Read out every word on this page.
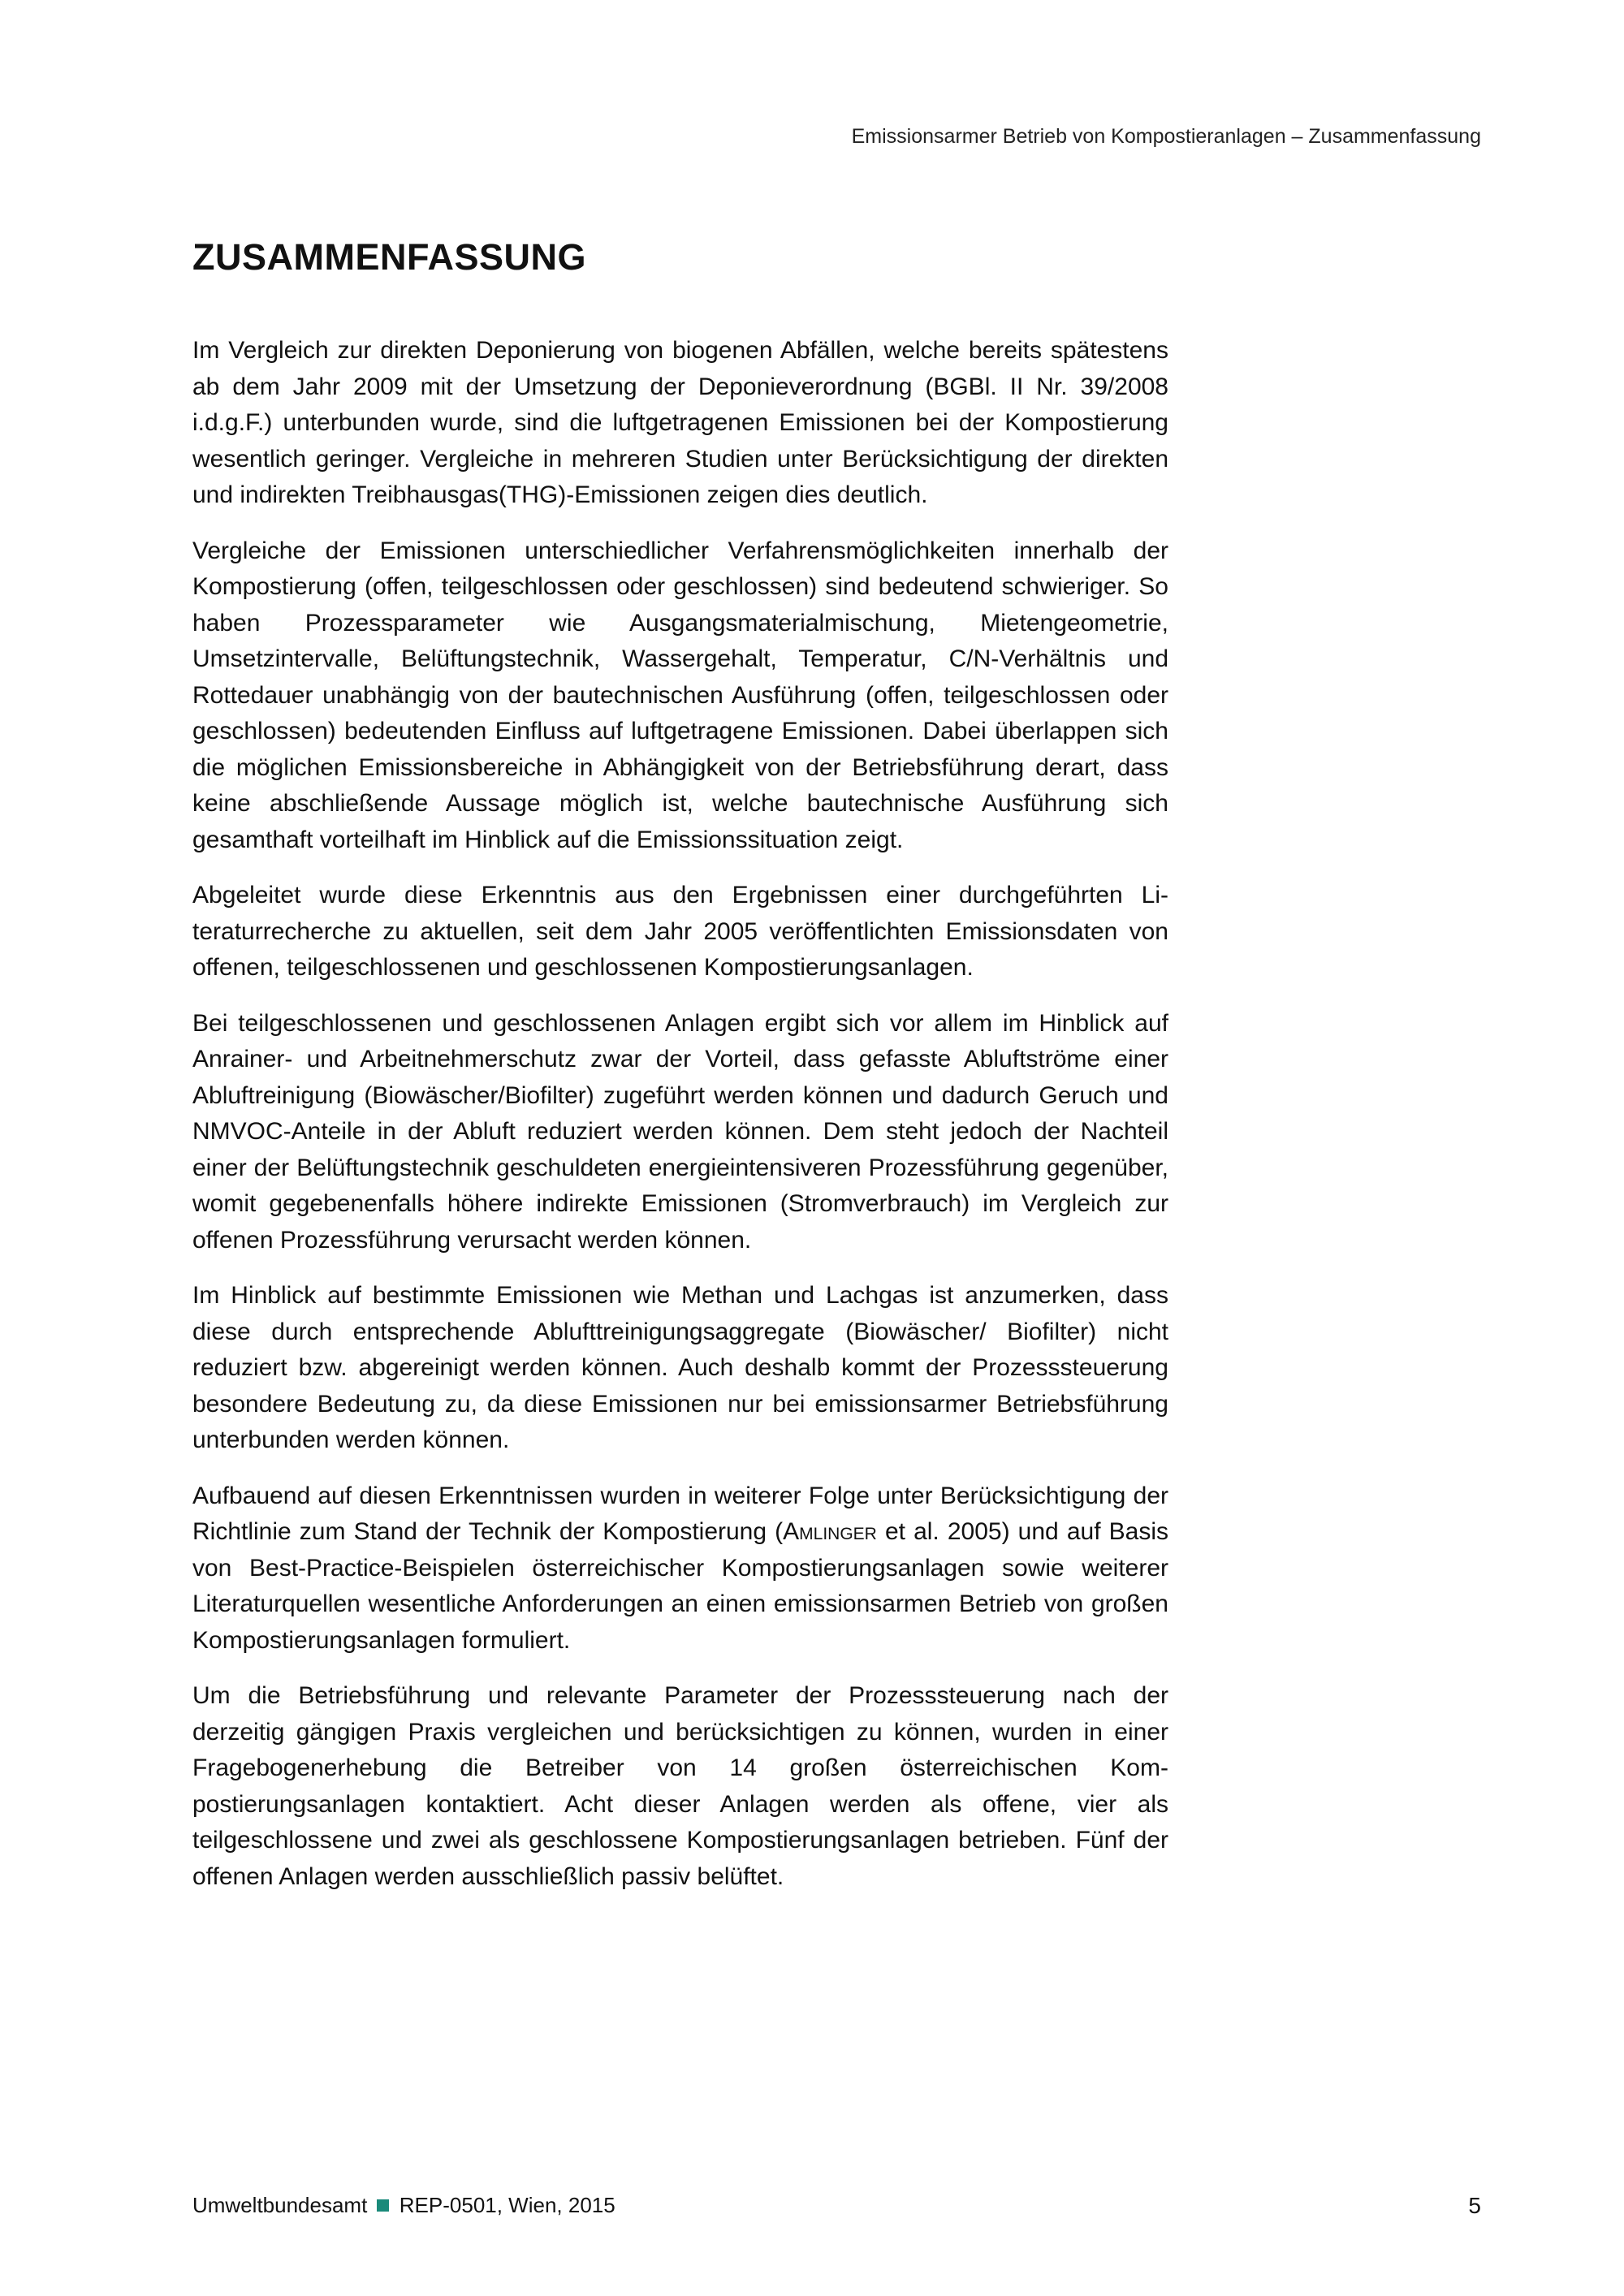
Emissionsarmer Betrieb von Kompostieranlagen – Zusammenfassung
ZUSAMMENFASSUNG

Im Vergleich zur direkten Deponierung von biogenen Abfällen, welche bereits spätestens ab dem Jahr 2009 mit der Umsetzung der Deponieverordnung (BGBl. II Nr. 39/2008 i.d.g.F.) unterbunden wurde, sind die luftgetragenen Emissionen bei der Kompostierung wesentlich geringer. Vergleiche in mehreren Studien unter Berücksichtigung der direkten und indirekten Treibhausgas(THG)-Emissionen zeigen dies deutlich.

Vergleiche der Emissionen unterschiedlicher Verfahrensmöglichkeiten innerhalb der Kompostierung (offen, teilgeschlossen oder geschlossen) sind bedeutend schwieriger. So haben Prozessparameter wie Ausgangsmaterialmischung, Mietengeometrie, Umsetzintervalle, Belüftungstechnik, Wassergehalt, Temperatur, C/N-Verhältnis und Rottedauer unabhängig von der bautechnischen Ausführung (offen, teilgeschlossen oder geschlossen) bedeutenden Einfluss auf luftgetragene Emissionen. Dabei überlappen sich die möglichen Emissionsbereiche in Abhängigkeit von der Betriebsführung derart, dass keine abschließende Aussage möglich ist, welche bautechnische Ausführung sich gesamthaft vorteilhaft im Hinblick auf die Emissionssituation zeigt.

Abgeleitet wurde diese Erkenntnis aus den Ergebnissen einer durchgeführten Literaturrecherche zu aktuellen, seit dem Jahr 2005 veröffentlichten Emissionsdaten von offenen, teilgeschlossenen und geschlossenen Kompostierungsanlagen.

Bei teilgeschlossenen und geschlossenen Anlagen ergibt sich vor allem im Hinblick auf Anrainer- und Arbeitnehmerschutz zwar der Vorteil, dass gefasste Abluftströme einer Abluftreinigung (Biowäscher/Biofilter) zugeführt werden können und dadurch Geruch und NMVOC-Anteile in der Abluft reduziert werden können. Dem steht jedoch der Nachteil einer der Belüftungstechnik geschuldeten energieintensiveren Prozessführung gegenüber, womit gegebenenfalls höhere indirekte Emissionen (Stromverbrauch) im Vergleich zur offenen Prozessführung verursacht werden können.

Im Hinblick auf bestimmte Emissionen wie Methan und Lachgas ist anzumerken, dass diese durch entsprechende Ablufttreinigungsaggregate (Biowäscher/ Biofilter) nicht reduziert bzw. abgereinigt werden können. Auch deshalb kommt der Prozesssteuerung besondere Bedeutung zu, da diese Emissionen nur bei emissionsarmer Betriebsführung unterbunden werden können.

Aufbauend auf diesen Erkenntnissen wurden in weiterer Folge unter Berücksichtigung der Richtlinie zum Stand der Technik der Kompostierung (Amlinger et al. 2005) und auf Basis von Best-Practice-Beispielen österreichischer Kompostierungsanlagen sowie weiterer Literaturquellen wesentliche Anforderungen an einen emissionsarmen Betrieb von großen Kompostierungsanlagen formuliert.

Um die Betriebsführung und relevante Parameter der Prozesssteuerung nach der derzeitig gängigen Praxis vergleichen und berücksichtigen zu können, wurden in einer Fragebogenerhebung die Betreiber von 14 großen österreichischen Kompostierungsanlagen kontaktiert. Acht dieser Anlagen werden als offene, vier als teilgeschlossene und zwei als geschlossene Kompostierungsanlagen betrieben. Fünf der offenen Anlagen werden ausschließlich passiv belüftet.

Umweltbundesamt REP-0501, Wien, 2015	5
